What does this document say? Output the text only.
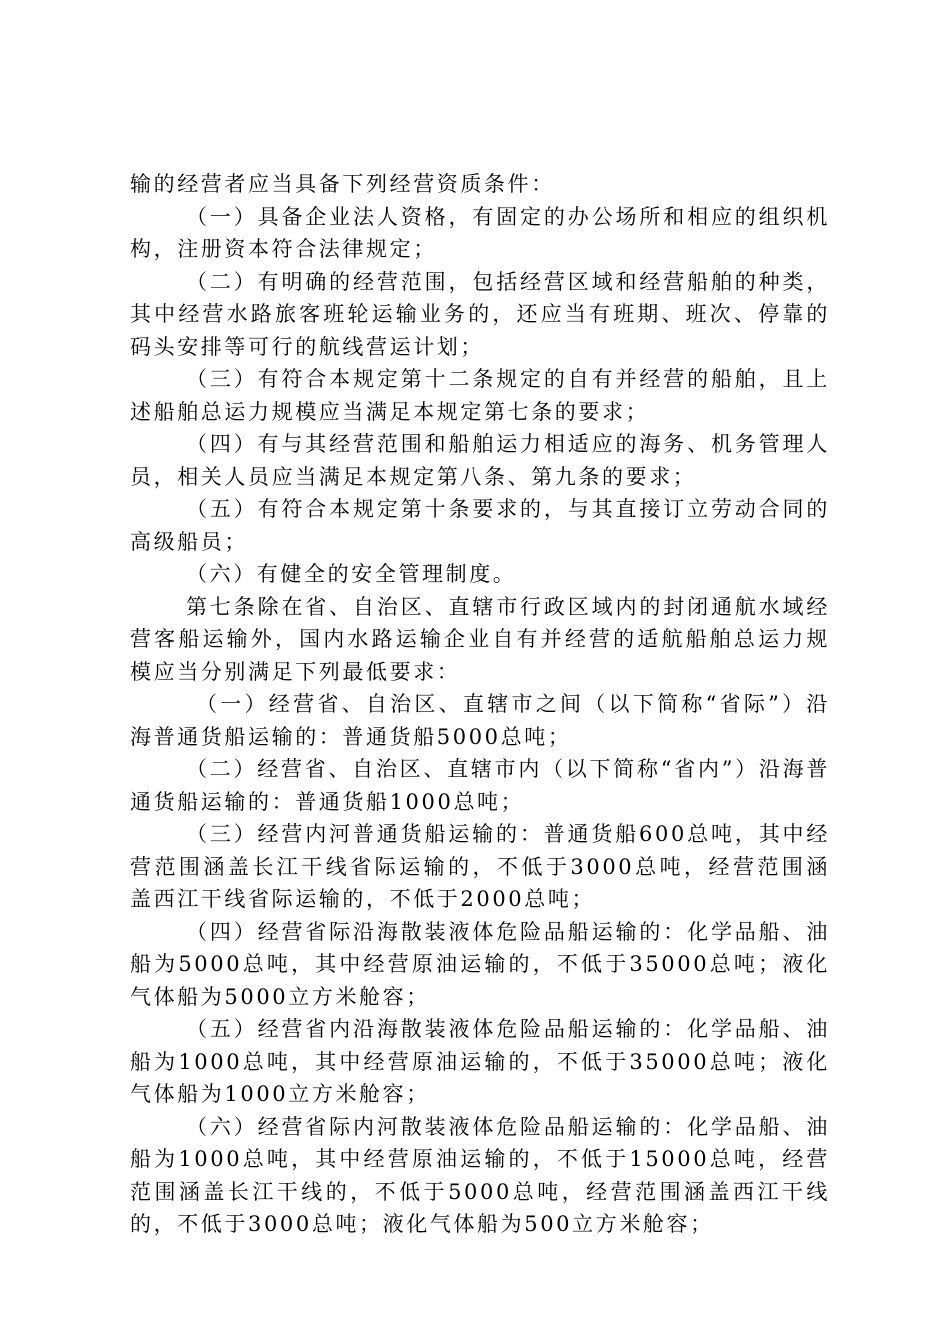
输的经营者应当具备下列经营资质条件：

（一）具备企业法人资格，有固定的办公场所和相应的组织机构，注册资本符合法律规定；

（二）有明确的经营范围，包括经营区域和经营船舶的种类，其中经营水路旅客班轮运输业务的，还应当有班期、班次、停靠的码头安排等可行的航线营运计划；

（三）有符合本规定第十二条规定的自有并经营的船舶，且上述船舶总运力规模应当满足本规定第七条的要求；

（四）有与其经营范围和船舶运力相适应的海务、机务管理人员，相关人员应当满足本规定第八条、第九条的要求；

（五）有符合本规定第十条要求的，与其直接订立劳动合同的高级船员；

（六）有健全的安全管理制度。

第七条除在省、自治区、直辖市行政区域内的封闭通航水域经营客船运输外，国内水路运输企业自有并经营的适航船舶总运力规模应当分别满足下列最低要求：

（一）经营省、自治区、直辖市之间（以下简称“省际”）沿海普通货船运输的：普通货船5000总吨；

（二）经营省、自治区、直辖市内（以下简称“省内”）沿海普通货船运输的：普通货船1000总吨；

（三）经营内河普通货船运输的：普通货船600总吨，其中经营范围涵盖长江干线省际运输的，不低于3000总吨，经营范围涵盖西江干线省际运输的，不低于2000总吨；

（四）经营省际沿海散装液体危险品船运输的：化学品船、油船为5000总吨，其中经营原油运输的，不低于35000总吨；液化气体船为5000立方米舱容；

（五）经营省内沿海散装液体危险品船运输的：化学品船、油船为1000总吨，其中经营原油运输的，不低于35000总吨；液化气体船为1000立方米舱容；

（六）经营省际内河散装液体危险品船运输的：化学品船、油船为1000总吨，其中经营原油运输的，不低于15000总吨，经营范围涵盖长江干线的，不低于5000总吨，经营范围涵盖西江干线的，不低于3000总吨；液化气体船为500立方米舱容；
